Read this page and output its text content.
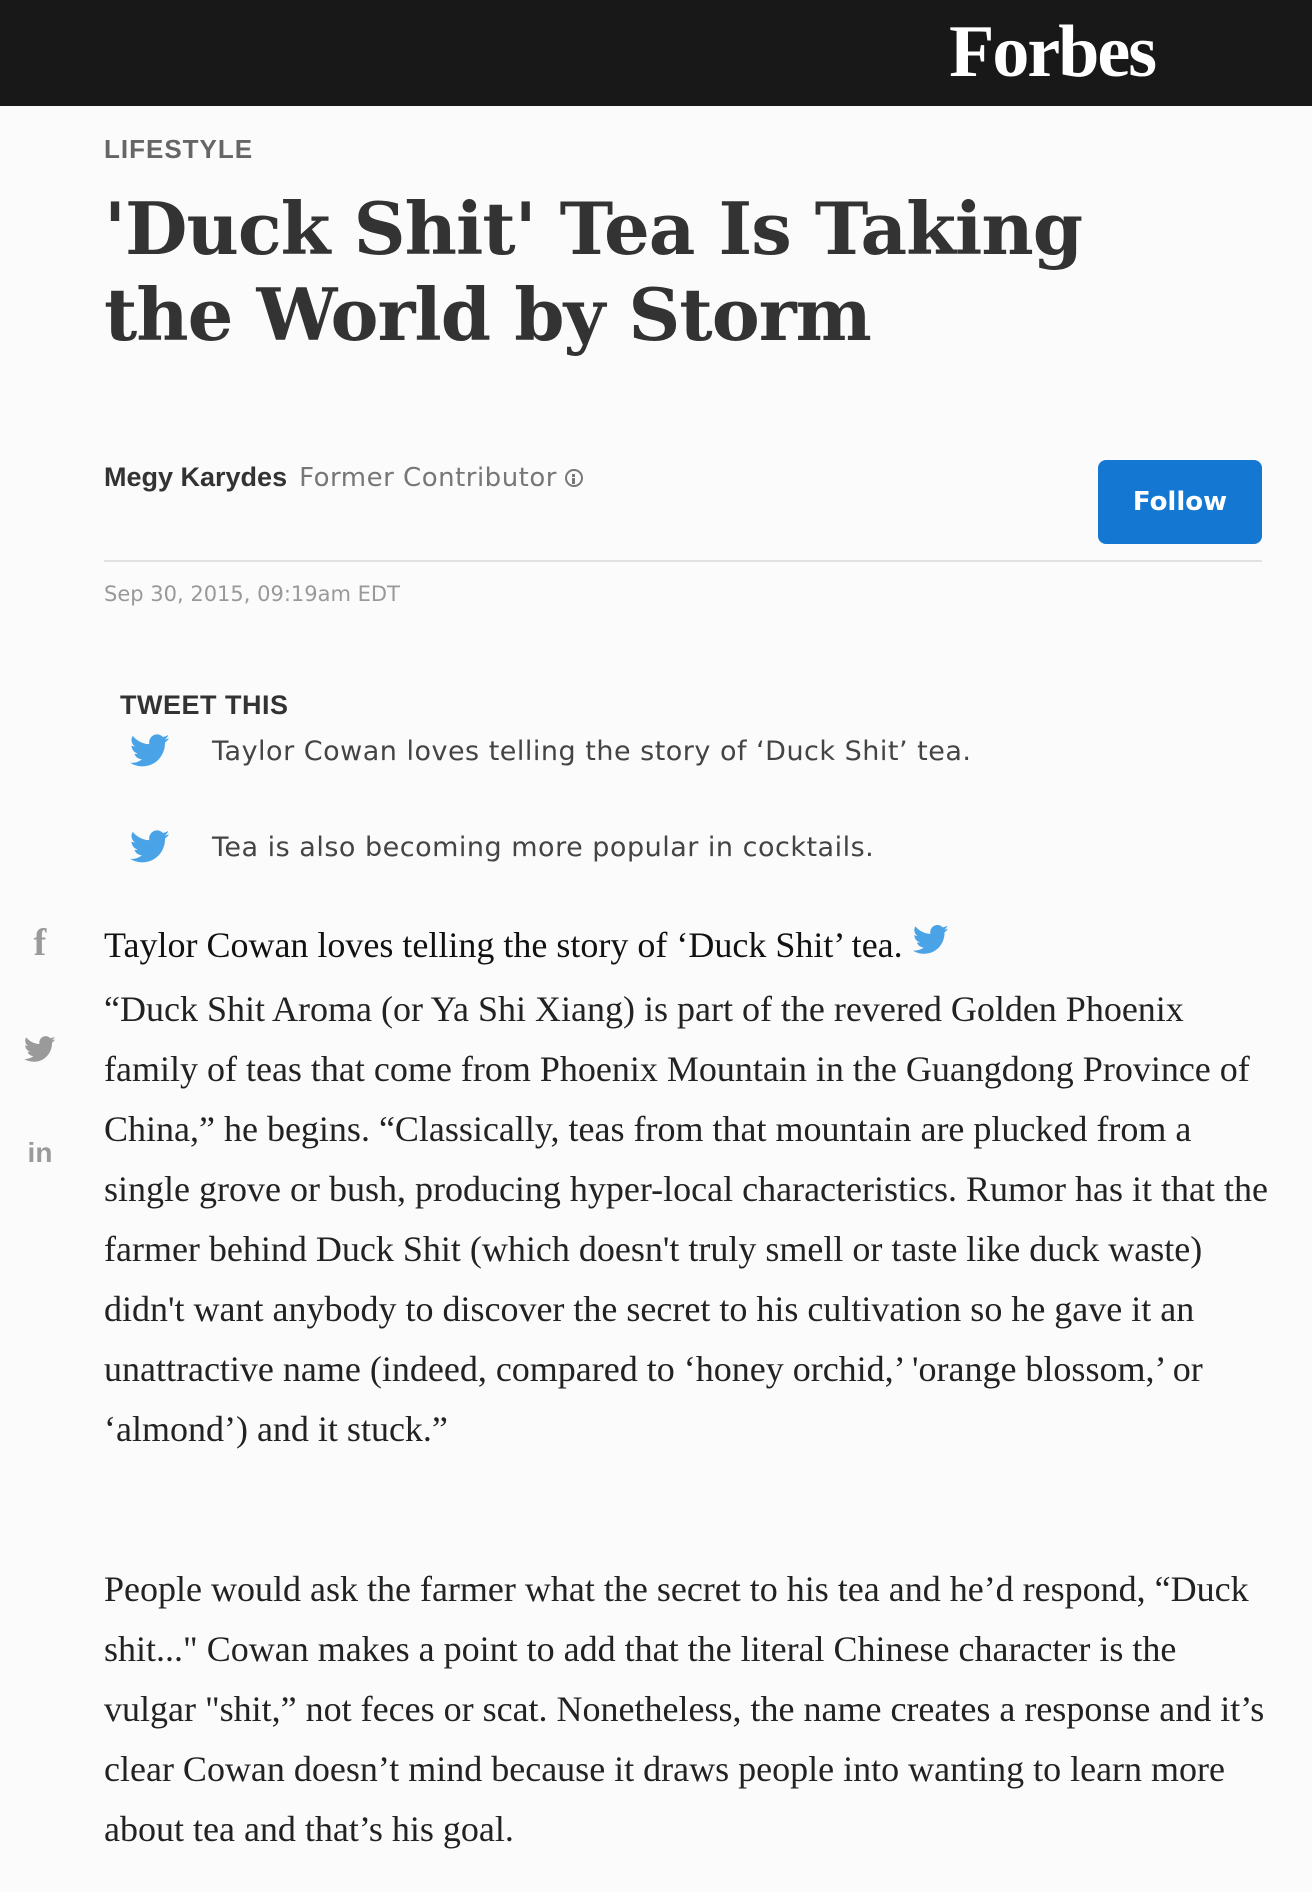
Forbes
LIFESTYLE
'Duck Shit' Tea Is Taking the World by Storm
Megy Karydes Former Contributor
Follow
Sep 30, 2015, 09:19am EDT
TWEET THIS
Taylor Cowan loves telling the story of ‘Duck Shit’ tea.
Tea is also becoming more popular in cocktails.
f
in
Taylor Cowan loves telling the story of ‘Duck Shit’ tea.

“Duck Shit Aroma (or Ya Shi Xiang) is part of the revered Golden Phoenix family of teas that come from Phoenix Mountain in the Guangdong Province of China,” he begins. “Classically, teas from that mountain are plucked from a single grove or bush, producing hyper-local characteristics. Rumor has it that the farmer behind Duck Shit (which doesn't truly smell or taste like duck waste) didn't want anybody to discover the secret to his cultivation so he gave it an unattractive name (indeed, compared to ‘honey orchid,’ 'orange blossom,’ or ‘almond’) and it stuck.”

People would ask the farmer what the secret to his tea and he’d respond, “Duck shit..." Cowan makes a point to add that the literal Chinese character is the vulgar "shit,” not feces or scat. Nonetheless, the name creates a response and it’s clear Cowan doesn’t mind because it draws people into wanting to learn more about tea and that’s his goal.
